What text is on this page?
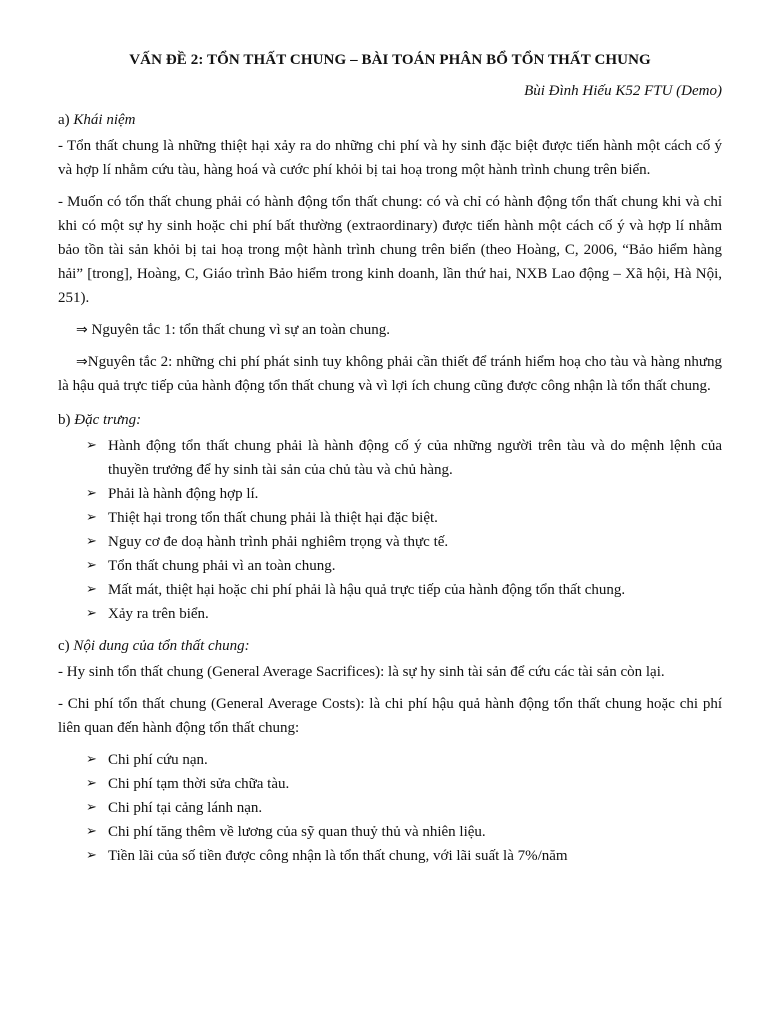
VẤN ĐỀ 2: TỔN THẤT CHUNG – BÀI TOÁN PHÂN BỔ TỔN THẤT CHUNG

Bùi Đình Hiếu K52 FTU (Demo)

a) Khái niệm

- Tổn thất chung là những thiệt hại xảy ra do những chi phí và hy sinh đặc biệt được tiến hành một cách cố ý và hợp lí nhằm cứu tàu, hàng hoá và cước phí khỏi bị tai hoạ trong một hành trình chung trên biển.

- Muốn có tổn thất chung phải có hành động tổn thất chung: có và chỉ có hành động tổn thất chung khi và chỉ khi có một sự hy sinh hoặc chi phí bất thường (extraordinary) được tiến hành một cách cố ý và hợp lí nhằm bảo tồn tài sản khỏi bị tai hoạ trong một hành trình chung trên biển (theo Hoàng, C, 2006, “Bảo hiểm hàng hải” [trong], Hoàng, C, Giáo trình Bảo hiểm trong kinh doanh, lần thứ hai, NXB Lao động – Xã hội, Hà Nội, 251).

⇒ Nguyên tắc 1: tổn thất chung vì sự an toàn chung.

⇒Nguyên tắc 2: những chi phí phát sinh tuy không phải cần thiết để tránh hiểm hoạ cho tàu và hàng nhưng là hậu quả trực tiếp của hành động tổn thất chung và vì lợi ích chung cũng được công nhận là tổn thất chung.

b) Đặc trưng:

➢ Hành động tổn thất chung phải là hành động cố ý của những người trên tàu và do mệnh lệnh của thuyền trưởng để hy sinh tài sản của chủ tàu và chủ hàng.
➢ Phải là hành động hợp lí.
➢ Thiệt hại trong tổn thất chung phải là thiệt hại đặc biệt.
➢ Nguy cơ đe doạ hành trình phải nghiêm trọng và thực tế.
➢ Tổn thất chung phải vì an toàn chung.
➢ Mất mát, thiệt hại hoặc chi phí phải là hậu quả trực tiếp của hành động tổn thất chung.
➢ Xảy ra trên biển.

c) Nội dung của tổn thất chung:

- Hy sinh tổn thất chung (General Average Sacrifices): là sự hy sinh tài sản để cứu các tài sản còn lại.

- Chi phí tổn thất chung (General Average Costs): là chi phí hậu quả hành động tổn thất chung hoặc chi phí liên quan đến hành động tổn thất chung:

➢ Chi phí cứu nạn.
➢ Chi phí tạm thời sửa chữa tàu.
➢ Chi phí tại cảng lánh nạn.
➢ Chi phí tăng thêm về lương của sỹ quan thuỷ thủ và nhiên liệu.
➢ Tiền lãi của số tiền được công nhận là tổn thất chung, với lãi suất là 7%/năm
